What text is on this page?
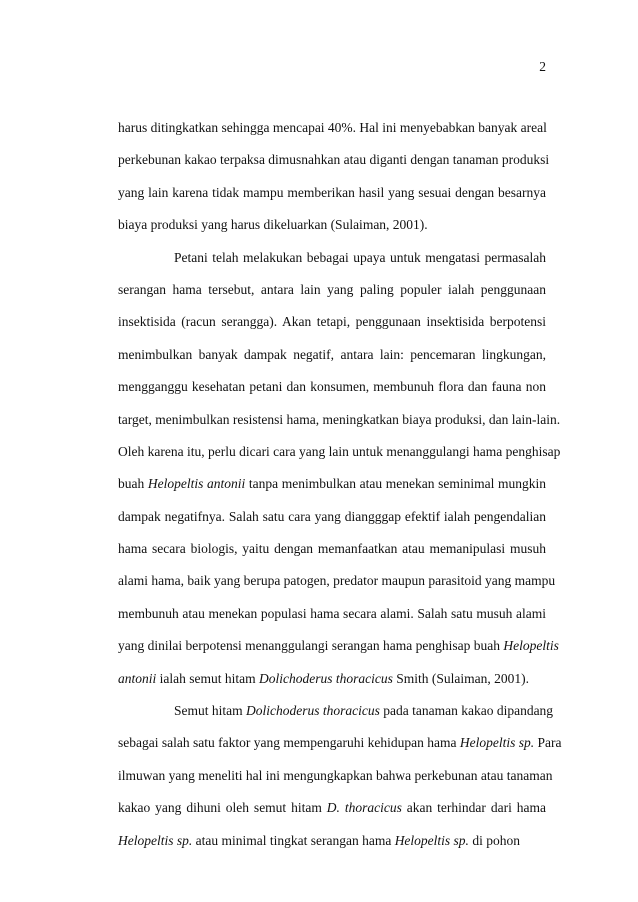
2
harus ditingkatkan sehingga mencapai 40%. Hal ini menyebabkan banyak areal
perkebunan kakao terpaksa dimusnahkan atau diganti dengan tanaman produksi
yang lain karena tidak mampu memberikan hasil yang sesuai dengan besarnya
biaya produksi yang harus dikeluarkan (Sulaiman, 2001).
Petani telah melakukan bebagai upaya untuk mengatasi permasalah
serangan hama tersebut, antara lain yang paling populer ialah penggunaan
insektisida (racun serangga). Akan tetapi, penggunaan insektisida berpotensi
menimbulkan banyak dampak negatif, antara lain: pencemaran lingkungan,
mengganggu kesehatan petani dan konsumen, membunuh flora dan fauna non
target, menimbulkan resistensi hama, meningkatkan biaya produksi, dan lain-lain.
Oleh karena itu, perlu dicari cara yang lain untuk menanggulangi hama penghisap
buah Helopeltis antonii tanpa menimbulkan atau menekan seminimal mungkin
dampak negatifnya. Salah satu cara yang diangggap efektif ialah pengendalian
hama secara biologis, yaitu dengan memanfaatkan atau memanipulasi musuh
alami hama, baik yang berupa patogen, predator maupun parasitoid yang mampu
membunuh atau menekan populasi hama secara alami. Salah satu musuh alami
yang dinilai berpotensi menanggulangi serangan hama penghisap buah Helopeltis
antonii ialah semut hitam Dolichoderus thoracicus Smith (Sulaiman, 2001).
Semut hitam Dolichoderus thoracicus pada tanaman kakao dipandang
sebagai salah satu faktor yang mempengaruhi kehidupan hama Helopeltis sp. Para
ilmuwan yang meneliti hal ini mengungkapkan bahwa perkebunan atau tanaman
kakao yang dihuni oleh semut hitam D. thoracicus akan terhindar dari hama
Helopeltis sp. atau minimal tingkat serangan hama Helopeltis sp. di pohon
